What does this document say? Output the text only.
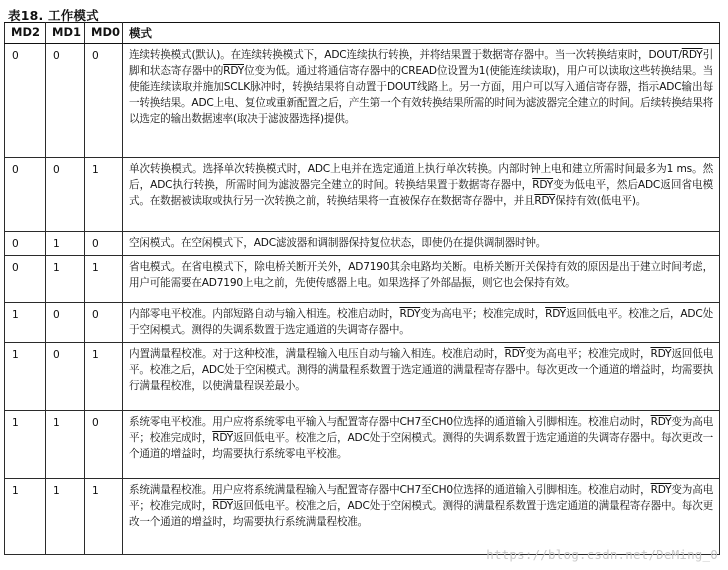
表18. 工作模式
MD2	MD1	MD0	模式
0	0	0	连续转换模式(默认)。在连续转换模式下，ADC连续执行转换，并将结果置于数据寄存器中。当一次转换结束时，DOUT/$\overline{RDY}$引脚和状态寄存器中的$\overline{RDY}$位变为低。通过将通信寄存器中的CREAD位设置为1(使能连续读取)，用户可以读取这些转换结果。当使能连续读取并施加SCLK脉冲时，转换结果将自动置于DOUT线路上。另一方面，用户可以写入通信寄存器，指示ADC输出每一转换结果。ADC上电、复位或重新配置之后，产生第一个有效转换结果所需的时间为滤波器完全建立的时间。后续转换结果将以选定的输出数据速率(取决于滤波器选择)提供。
0	0	1	单次转换模式。选择单次转换模式时，ADC上电并在选定通道上执行单次转换。内部时钟上电和建立所需时间最多为1 ms。然后，ADC执行转换，所需时间为滤波器完全建立的时间。转换结果置于数据寄存器中，$\overline{RDY}$变为低电平，然后ADC返回省电模式。在数据被读取或执行另一次转换之前，转换结果将一直被保存在数据寄存器中，并且$\overline{RDY}$保持有效(低电平)。
0	1	0	空闲模式。在空闲模式下，ADC滤波器和调制器保持复位状态，即使仍在提供调制器时钟。
0	1	1	省电模式。在省电模式下，除电桥关断开关外，AD7190其余电路均关断。电桥关断开关保持有效的原因是出于建立时间考虑，用户可能需要在AD7190上电之前，先使传感器上电。如果选择了外部晶振，则它也会保持有效。
1	0	0	内部零电平校准。内部短路自动与输入相连。校准启动时，$\overline{RDY}$变为高电平；校准完成时，$\overline{RDY}$返回低电平。校准之后，ADC处于空闲模式。测得的失调系数置于选定通道的失调寄存器中。
1	0	1	内置满量程校准。对于这种校准，满量程输入电压自动与输入相连。校准启动时，$\overline{RDY}$变为高电平；校准完成时，$\overline{RDY}$返回低电平。校准之后，ADC处于空闲模式。测得的满量程系数置于选定通道的满量程寄存器中。每次更改一个通道的增益时，均需要执行满量程校准，以使满量程误差最小。
1	1	0	系统零电平校准。用户应将系统零电平输入与配置寄存器中CH7至CH0位选择的通道输入引脚相连。校准启动时，$\overline{RDY}$变为高电平；校准完成时，$\overline{RDY}$返回低电平。校准之后，ADC处于空闲模式。测得的失调系数置于选定通道的失调寄存器中。每次更改一个通道的增益时，均需要执行系统零电平校准。
1	1	1	系统满量程校准。用户应将系统满量程输入与配置寄存器中CH7至CH0位选择的通道输入引脚相连。校准启动时，$\overline{RDY}$变为高电平；校准完成时，$\overline{RDY}$返回低电平。校准之后，ADC处于空闲模式。测得的满量程系数置于选定通道的满量程寄存器中。每次更改一个通道的增益时，均需要执行系统满量程校准。
https://blog.csdn.net/DeMing_0
